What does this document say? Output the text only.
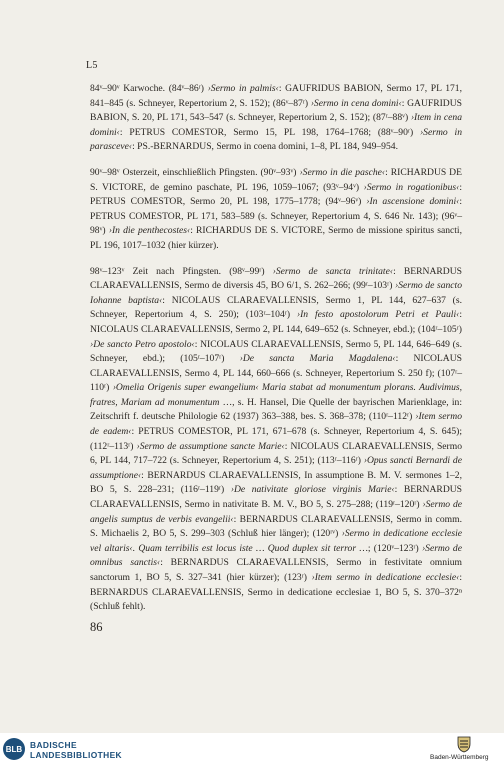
L5

84ᵛ–90ᵛ Karwoche. (84ᵛ–86ʳ) ›Sermo in palmis‹: GAUFRIDUS BABION, Sermo 17, PL 171, 841–845 (s. Schneyer, Repertorium 2, S. 152); (86ᵛ–87ʳ) ›Sermo in cena domini‹: GAUFRIDUS BABION, S. 20, PL 171, 543–547 (s. Schneyer, Repertorium 2, S. 152); (87ʳ–88ᵛ) ›Item in cena domini‹: PETRUS COMESTOR, Sermo 15, PL 198, 1764–1768; (88ᵛ–90ʳ) ›Sermo in parasceve‹: PS.-BERNARDUS, Sermo in coena domini, 1–8, PL 184, 949–954.

90ᵛ–98ᵛ Osterzeit, einschließlich Pfingsten. (90ᵛ–93ᵛ) ›Sermo in die pasche‹: RICHARDUS DE S. VICTORE, de gemino paschate, PL 196, 1059–1067; (93ᵛ–94ᵛ) ›Sermo in rogationibus‹: PETRUS COMESTOR, Sermo 20, PL 198, 1775–1778; (94ᵛ–96ᵛ) ›In ascensione domini‹: PETRUS COMESTOR, PL 171, 583–589 (s. Schneyer, Repertorium 4, S. 646 Nr. 143); (96ᵛ–98ᵛ) ›In die penthecostes‹: RICHARDUS DE S. VICTORE, Sermo de missione spiritus sancti, PL 196, 1017–1032 (hier kürzer).

98ᵛ–123ᵛ Zeit nach Pfingsten. (98ᵛ–99ʳ) ›Sermo de sancta trinitate‹: BERNARDUS CLARAEVALLENSIS, Sermo de diversis 45, BO 6/1, S. 262–266; (99ʳ–103ʳ) ›Sermo de sancto Iohanne baptista‹: NICOLAUS CLARAEVALLENSIS, Sermo 1, PL 144, 627–637 (s. Schneyer, Repertorium 4, S. 250); (103ʳ–104ʳ) ›In festo apostolorum Petri et Pauli‹: NICOLAUS CLARAEVALLENSIS, Sermo 2, PL 144, 649–652 (s. Schneyer, ebd.); (104ʳ–105ʳ) ›De sancto Petro apostolo‹: NICOLAUS CLARAEVALLENSIS, Sermo 5, PL 144, 646–649 (s. Schneyer, ebd.); (105ʳ–107ʳ) ›De sancta Maria Magdalena‹: NICOLAUS CLARAEVALLENSIS, Sermo 4, PL 144, 660–666 (s. Schneyer, Repertorium S. 250 f); (107ʳ–110ʳ) ›Omelia Origenis super ewangelium‹ Maria stabat ad monumentum plorans. Audivimus, fratres, Mariam ad monumentum …, s. H. Hansel, Die Quelle der bayrischen Marienklage, in: Zeitschrift f. deutsche Philologie 62 (1937) 363–388, bes. S. 368–378; (110ʳ–112ʳ) ›Item sermo de eadem‹: PETRUS COMESTOR, PL 171, 671–678 (s. Schneyer, Repertorium 4, S. 645); (112ʳ–113ʳ) ›Sermo de assumptione sancte Marie‹: NICOLAUS CLARAEVALLENSIS, Sermo 6, PL 144, 717–722 (s. Schneyer, Repertorium 4, S. 251); (113ʳ–116ʳ) ›Opus sancti Bernardi de assumptione‹: BERNARDUS CLARAEVALLENSIS, In assumptione B. M. V. sermones 1–2, BO 5, S. 228–231; (116ʳ–119ʳ) ›De nativitate gloriose virginis Marie‹: BERNARDUS CLARAEVALLENSIS, Sermo in nativitate B. M. V., BO 5, S. 275–288; (119ʳ–120ʳ) ›Sermo de angelis sumptus de verbis evangelii‹: BERNARDUS CLARAEVALLENSIS, Sermo in comm. S. Michaelis 2, BO 5, S. 299–303 (Schluß hier länger); (120ʳᵛ) ›Sermo in dedicatione ecclesie vel altaris‹. Quam terribilis est locus iste … Quod duplex sit terror …; (120ᵛ–123ʳ) ›Sermo de omnibus sanctis‹: BERNARDUS CLARAEVALLENSIS, Sermo in festivitate omnium sanctorum 1, BO 5, S. 327–341 (hier kürzer); (123ʳ) ›Item sermo in dedicatione ecclesie‹: BERNARDUS CLARAEVALLENSIS, Sermo in dedicatione ecclesiae 1, BO 5, S. 370–372ⁿ (Schluß fehlt).

86
BLB BADISCHE
LANDESBIBLIOTHEK	Baden-Württemberg
